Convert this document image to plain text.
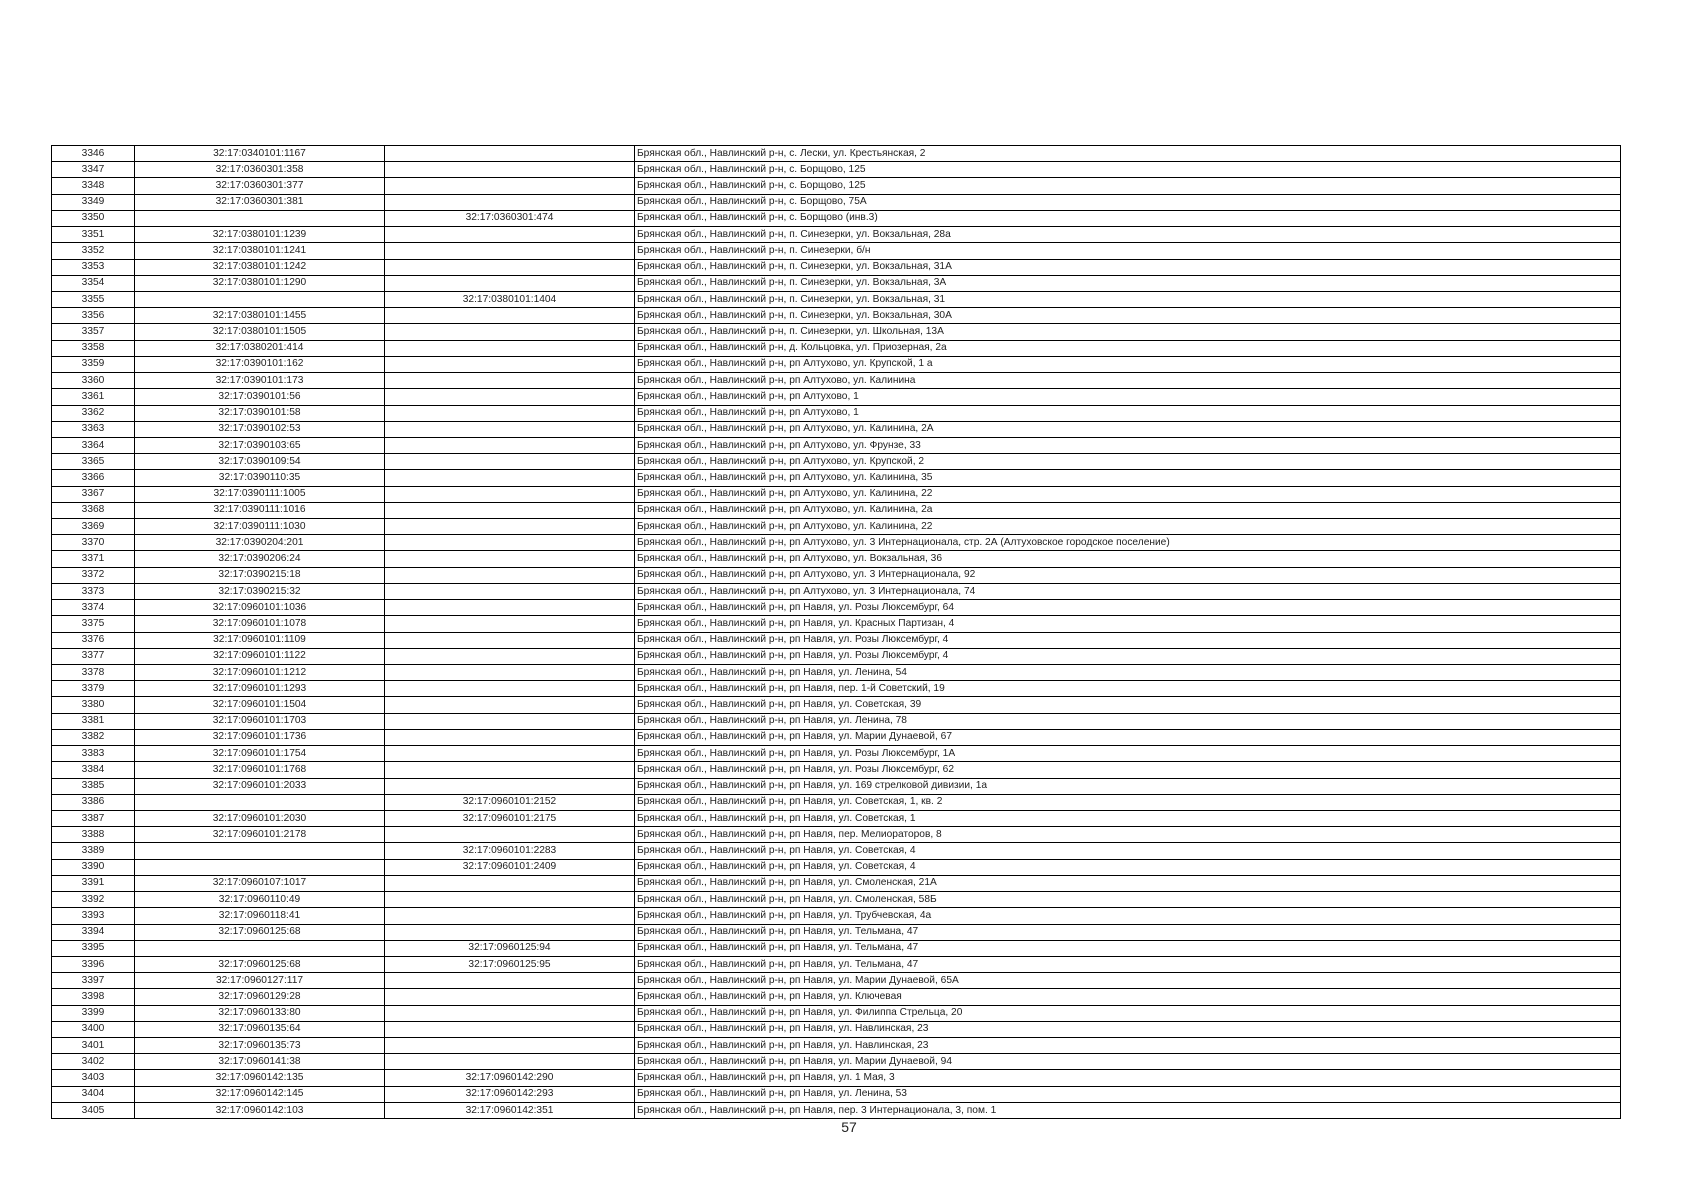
3346	32:17:0340101:1167		Брянская обл., Навлинский р-н, с. Лески, ул. Крестьянская, 2
3347	32:17:0360301:358		Брянская обл., Навлинский р-н, с. Борщово, 125
3348	32:17:0360301:377		Брянская обл., Навлинский р-н, с. Борщово, 125
3349	32:17:0360301:381		Брянская обл., Навлинский р-н, с. Борщово, 75А
3350		32:17:0360301:474	Брянская обл., Навлинский р-н, с. Борщово (инв.3)
3351	32:17:0380101:1239		Брянская обл., Навлинский р-н, п. Синезерки, ул. Вокзальная, 28а
3352	32:17:0380101:1241		Брянская обл., Навлинский р-н, п. Синезерки, б/н
3353	32:17:0380101:1242		Брянская обл., Навлинский р-н, п. Синезерки, ул. Вокзальная, 31А
3354	32:17:0380101:1290		Брянская обл., Навлинский р-н, п. Синезерки, ул. Вокзальная, 3А
3355		32:17:0380101:1404	Брянская обл., Навлинский р-н, п. Синезерки, ул. Вокзальная, 31
3356	32:17:0380101:1455		Брянская обл., Навлинский р-н, п. Синезерки, ул. Вокзальная, 30А
3357	32:17:0380101:1505		Брянская обл., Навлинский р-н, п. Синезерки, ул. Школьная, 13А
3358	32:17:0380201:414		Брянская обл., Навлинский р-н, д. Кольцовка, ул. Приозерная, 2а
3359	32:17:0390101:162		Брянская обл., Навлинский р-н, рп Алтухово, ул. Крупской, 1 а
3360	32:17:0390101:173		Брянская обл., Навлинский р-н, рп Алтухово, ул. Калинина
3361	32:17:0390101:56		Брянская обл., Навлинский р-н, рп Алтухово, 1
3362	32:17:0390101:58		Брянская обл., Навлинский р-н, рп Алтухово, 1
3363	32:17:0390102:53		Брянская обл., Навлинский р-н, рп Алтухово, ул. Калинина, 2А
3364	32:17:0390103:65		Брянская обл., Навлинский р-н, рп Алтухово, ул. Фрунзе, 33
3365	32:17:0390109:54		Брянская обл., Навлинский р-н, рп Алтухово, ул. Крупской, 2
3366	32:17:0390110:35		Брянская обл., Навлинский р-н, рп Алтухово, ул. Калинина, 35
3367	32:17:0390111:1005		Брянская обл., Навлинский р-н, рп Алтухово, ул. Калинина, 22
3368	32:17:0390111:1016		Брянская обл., Навлинский р-н, рп Алтухово, ул. Калинина, 2а
3369	32:17:0390111:1030		Брянская обл., Навлинский р-н, рп Алтухово, ул. Калинина, 22
3370	32:17:0390204:201		Брянская обл., Навлинский р-н, рп Алтухово, ул. 3 Интернационала, стр. 2А (Алтуховское городское поселение)
3371	32:17:0390206:24		Брянская обл., Навлинский р-н, рп Алтухово, ул. Вокзальная, 36
3372	32:17:0390215:18		Брянская обл., Навлинский р-н, рп Алтухово, ул. 3 Интернационала, 92
3373	32:17:0390215:32		Брянская обл., Навлинский р-н, рп Алтухово, ул. 3 Интернационала, 74
3374	32:17:0960101:1036		Брянская обл., Навлинский р-н, рп Навля, ул. Розы Люксембург, 64
3375	32:17:0960101:1078		Брянская обл., Навлинский р-н, рп Навля, ул. Красных Партизан, 4
3376	32:17:0960101:1109		Брянская обл., Навлинский р-н, рп Навля, ул. Розы Люксембург, 4
3377	32:17:0960101:1122		Брянская обл., Навлинский р-н, рп Навля, ул. Розы Люксембург, 4
3378	32:17:0960101:1212		Брянская обл., Навлинский р-н, рп Навля, ул. Ленина, 54
3379	32:17:0960101:1293		Брянская обл., Навлинский р-н, рп Навля, пер. 1-й Советский, 19
3380	32:17:0960101:1504		Брянская обл., Навлинский р-н, рп Навля, ул. Советская, 39
3381	32:17:0960101:1703		Брянская обл., Навлинский р-н, рп Навля, ул. Ленина, 78
3382	32:17:0960101:1736		Брянская обл., Навлинский р-н, рп Навля, ул. Марии Дунаевой, 67
3383	32:17:0960101:1754		Брянская обл., Навлинский р-н, рп Навля, ул. Розы Люксембург, 1А
3384	32:17:0960101:1768		Брянская обл., Навлинский р-н, рп Навля, ул. Розы Люксембург, 62
3385	32:17:0960101:2033		Брянская обл., Навлинский р-н, рп Навля, ул. 169 стрелковой дивизии, 1а
3386		32:17:0960101:2152	Брянская обл., Навлинский р-н, рп Навля, ул. Советская, 1, кв. 2
3387	32:17:0960101:2030	32:17:0960101:2175	Брянская обл., Навлинский р-н, рп Навля, ул. Советская, 1
3388	32:17:0960101:2178		Брянская обл., Навлинский р-н, рп Навля, пер. Мелиораторов, 8
3389		32:17:0960101:2283	Брянская обл., Навлинский р-н, рп Навля, ул. Советская, 4
3390		32:17:0960101:2409	Брянская обл., Навлинский р-н, рп Навля, ул. Советская, 4
3391	32:17:0960107:1017		Брянская обл., Навлинский р-н, рп Навля, ул. Смоленская, 21А
3392	32:17:0960110:49		Брянская обл., Навлинский р-н, рп Навля, ул. Смоленская, 58Б
3393	32:17:0960118:41		Брянская обл., Навлинский р-н, рп Навля, ул. Трубчевская, 4а
3394	32:17:0960125:68		Брянская обл., Навлинский р-н, рп Навля, ул. Тельмана, 47
3395		32:17:0960125:94	Брянская обл., Навлинский р-н, рп Навля, ул. Тельмана, 47
3396	32:17:0960125:68	32:17:0960125:95	Брянская обл., Навлинский р-н, рп Навля, ул. Тельмана, 47
3397	32:17:0960127:117		Брянская обл., Навлинский р-н, рп Навля, ул. Марии Дунаевой, 65А
3398	32:17:0960129:28		Брянская обл., Навлинский р-н, рп Навля, ул. Ключевая
3399	32:17:0960133:80		Брянская обл., Навлинский р-н, рп Навля, ул. Филиппа Стрельца, 20
3400	32:17:0960135:64		Брянская обл., Навлинский р-н, рп Навля, ул. Навлинская, 23
3401	32:17:0960135:73		Брянская обл., Навлинский р-н, рп Навля, ул. Навлинская, 23
3402	32:17:0960141:38		Брянская обл., Навлинский р-н, рп Навля, ул. Марии Дунаевой, 94
3403	32:17:0960142:135	32:17:0960142:290	Брянская обл., Навлинский р-н, рп Навля, ул. 1 Мая, 3
3404	32:17:0960142:145	32:17:0960142:293	Брянская обл., Навлинский р-н, рп Навля, ул. Ленина, 53
3405	32:17:0960142:103	32:17:0960142:351	Брянская обл., Навлинский р-н, рп Навля, пер. 3 Интернационала, 3, пом. 1
57
